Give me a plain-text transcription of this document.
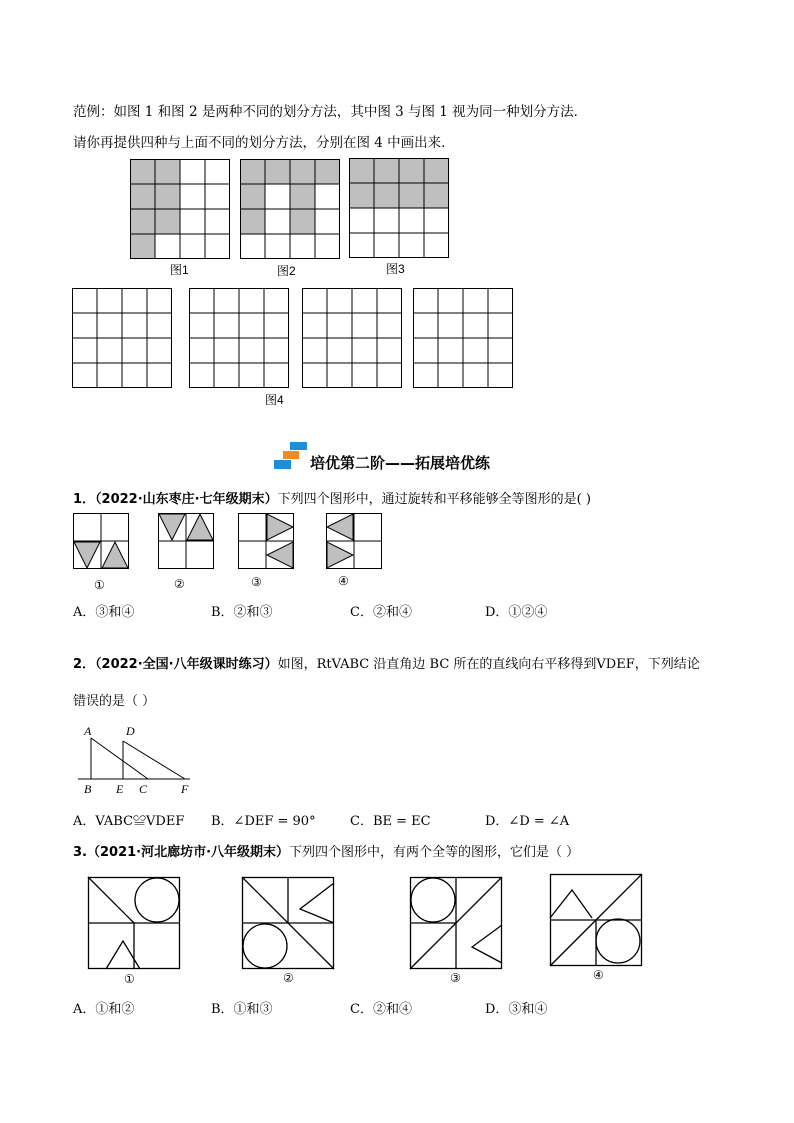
范例：如图 1 和图 2 是两种不同的划分方法，其中图 3 与图 1 视为同一种划分方法．
请你再提供四种与上面不同的划分方法，分别在图 4 中画出来．
图1	图2	图3
图4
培优第二阶——拓展培优练
1．（2022·山东枣庄·七年级期末）下列四个图形中，通过旋转和平移能够全等图形的是( )
①	②	③	④
A．③和④	B．②和③	C．②和④	D．①②④
2．（2022·全国·八年级课时练习）如图，RtVABC 沿直角边 BC 所在的直线向右平移得到VDEF，下列结论
错误的是（ ）
A	D
B E C	F
A．VABC≌VDEF B．∠DEF = 90°	C．BE = EC	D．∠D = ∠A
3.（2021·河北廊坊市·八年级期末）下列四个图形中，有两个全等的图形，它们是（ ）
①	②	③	④
A．①和②	B．①和③	C．②和④	D．③和④
